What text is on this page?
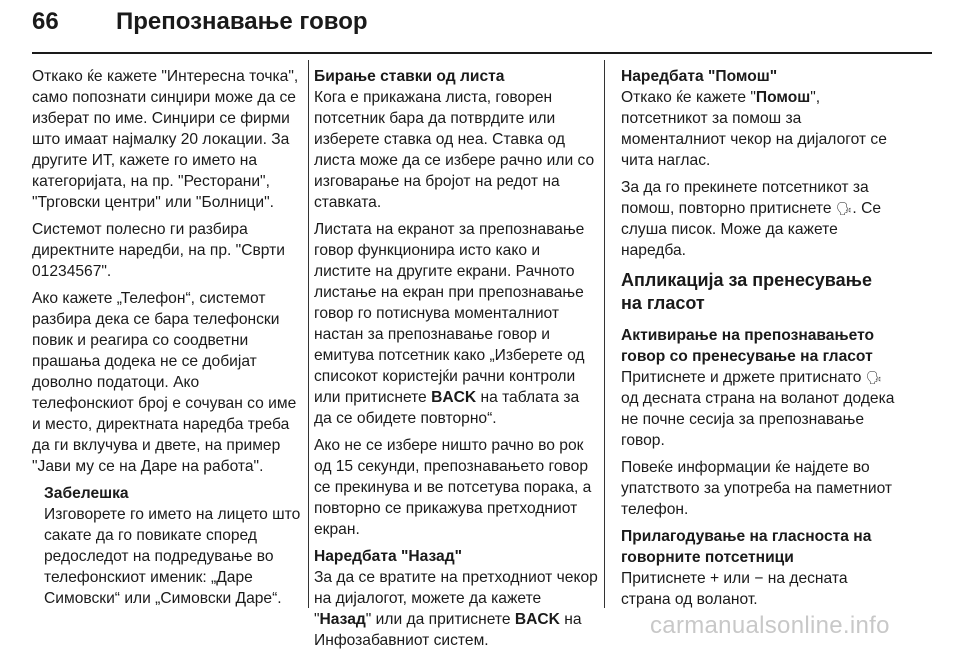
66 Препознавање говор

Откако ќе кажете "Интересна точка", само попознати синџири може да се изберат по име. Синџири се фирми што имаат најмалку 20 локации. За другите ИТ, кажете го името на категоријата, на пр. "Ресторани", "Трговски центри" или "Болници".

Системот полесно ги разбира директните наредби, на пр. "Сврти 01234567".

Ако кажете „Телефон“, системот разбира дека се бара телефонски повик и реагира со соодветни прашања додека не се добијат доволно податоци. Ако телефонскиот број е сочуван со име и место, директната наредба треба да ги вклучува и двете, на пример "Јави му се на Даре на работа".

Забелешка
Изговорете го името на лицето што сакате да го повикате според редоследот на подредување во телефонскиот именик: „Даре Симовски“ или „Симовски Даре“.

Бирање ставки од листа

Кога е прикажана листа, говорен потсетник бара да потврдите или изберете ставка од неа. Ставка од листа може да се избере рачно или со изговарање на бројот на редот на ставката.

Листата на екранот за препознавање говор функционира исто како и листите на другите екрани. Рачното листање на екран при препознавање говор го потиснува моменталниот настан за препознавање говор и емитува потсетник како „Изберете од списокот користејќи рачни контроли или притиснете BACK на таблата за да се обидете повторно“.

Ако не се избере ништо рачно во рок од 15 секунди, препознавањето говор се прекинува и ве потсетува порака, а повторно се прикажува претходниот екран.

Наредбата "Назад"

За да се вратите на претходниот чекор на дијалогот, можете да кажете "Назад" или да притиснете BACK на Инфозабавниот систем.

Наредбата "Помош"

Откако ќе кажете "Помош", потсетникот за помош за моменталниот чекор на дијалогот се чита наглас.

За да го прекинете потсетникот за помош, повторно притиснете 🗣︎. Се слуша писок. Може да кажете наредба.

Апликација за пренесување на гласот

Активирање на препознавањето говор со пренесување на гласот

Притиснете и држете притиснато 🗣︎ од десната страна на воланот додека не почне сесија за препознавање говор.

Повеќе информации ќе најдете во упатството за употреба на паметниот телефон.

Прилагодување на гласноста на говорните потсетници

Притиснете + или − на десната страна од воланот.

carmanualsonline.info
